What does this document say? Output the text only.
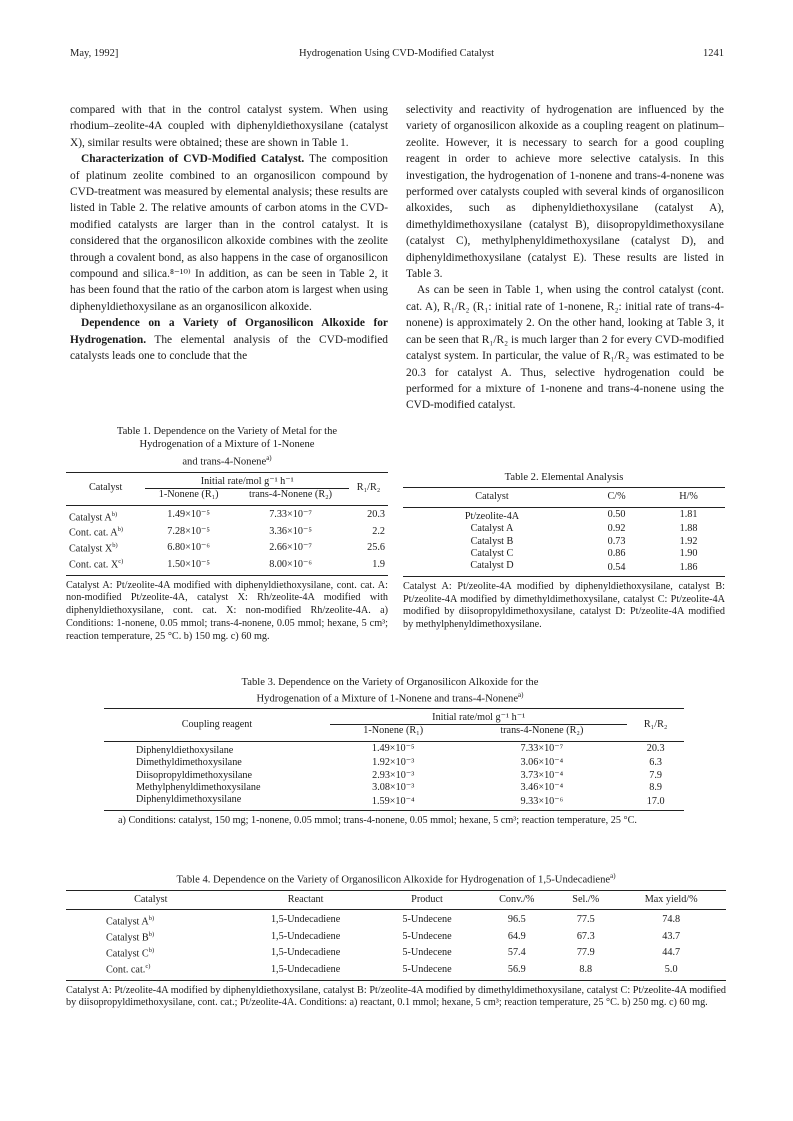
May, 1992]	Hydrogenation Using CVD-Modified Catalyst	1241

compared with that in the control catalyst system. When using rhodium–zeolite-4A coupled with diphenyldiethoxysilane (catalyst X), similar results were obtained; these are shown in Table 1.

Characterization of CVD-Modified Catalyst. The composition of platinum zeolite combined to an organosilicon compound by CVD-treatment was measured by elemental analysis; these results are listed in Table 2. The relative amounts of carbon atoms in the CVD-modified catalysts are larger than in the control catalyst. It is considered that the organosilicon alkoxide combines with the zeolite through a covalent bond, as also happens in the case of organosilicon compound and silica.⁸⁻¹⁰⁾ In addition, as can be seen in Table 2, it has been found that the ratio of the carbon atom is largest when using diphenyldiethoxysilane as an organosilicon alkoxide.

Dependence on a Variety of Organosilicon Alkoxide for Hydrogenation. The elemental analysis of the CVD-modified catalysts leads one to conclude that the

selectivity and reactivity of hydrogenation are influenced by the variety of organosilicon alkoxide as a coupling reagent on platinum–zeolite. However, it is necessary to search for a good coupling reagent in order to achieve more selective catalysis. In this investigation, the hydrogenation of 1-nonene and trans-4-nonene was performed over catalysts coupled with several kinds of organosilicon alkoxides, such as diphenyldiethoxysilane (catalyst A), dimethyldimethoxysilane (catalyst B), diisopropyldimethoxysilane (catalyst C), methylphenyldimethoxysilane (catalyst D), and diphenyldimethoxysilane (catalyst E). These results are listed in Table 3.

As can be seen in Table 1, when using the control catalyst (cont. cat. A), R₁/R₂ (R₁: initial rate of 1-nonene, R₂: initial rate of trans-4-nonene) is approximately 2. On the other hand, looking at Table 3, it can be seen that R₁/R₂ is much larger than 2 for every CVD-modified catalyst system. In particular, the value of R₁/R₂ was estimated to be 20.3 for catalyst A. Thus, selective hydrogenation could be performed for a mixture of 1-nonene and trans-4-nonene using the CVD-modified catalyst.

Table 1. Dependence on the Variety of Metal for the
Hydrogenation of a Mixture of 1-Nonene
and trans-4-Nonene$^{a)}$
Catalyst	Initial rate/mol g⁻¹ h⁻¹		R₁/R₂
	1-Nonene (R₁)	trans-4-Nonene (R₂)	
Catalyst $A^{b)}$	1.49×10⁻⁵	7.33×10⁻⁷	20.3
Cont. cat. $A^{b)}$	7.28×10⁻⁵	3.36×10⁻⁵	2.2
Catalyst $X^{b)}$	6.80×10⁻⁶	2.66×10⁻⁷	25.6
Cont. cat. $X^{c)}$	1.50×10⁻⁵	8.00×10⁻⁶	1.9

Catalyst A: Pt/zeolite-4A modified with diphenyldiethoxysilane, cont. cat. A: non-modified Pt/zeolite-4A, catalyst X: Rh/zeolite-4A modified with diphenyldiethoxysilane, cont. cat. X: non-modified Rh/zeolite-4A. a) Conditions: 1-nonene, 0.05 mmol; trans-4-nonene, 0.05 mmol; hexane, 5 cm³; reaction temperature, 25 °C. b) 150 mg. c) 60 mg.

Table 2. Elemental Analysis
Catalyst	C/%	H/%
Pt/zeolite-4A	0.50	1.81
Catalyst A	0.92	1.88
Catalyst B	0.73	1.92
Catalyst C	0.86	1.90
Catalyst D	0.54	1.86

Catalyst A: Pt/zeolite-4A modified by diphenyldiethoxysilane, catalyst B: Pt/zeolite-4A modified by dimethyldimethoxysilane, catalyst C: Pt/zeolite-4A modified by diisopropyldimethoxysilane, catalyst D: Pt/zeolite-4A modified by methylphenyldimethoxysilane.

Table 3. Dependence on the Variety of Organosilicon Alkoxide for the
Hydrogenation of a Mixture of 1-Nonene and trans-4-Nonene$^{a)}$
Coupling reagent	Initial rate/mol g⁻¹ h⁻¹		R₁/R₂
	1-Nonene (R₁)	trans-4-Nonene (R₂)	
Diphenyldiethoxysilane	1.49×10⁻⁵	7.33×10⁻⁷	20.3
Dimethyldimethoxysilane	1.92×10⁻³	3.06×10⁻⁴	6.3
Diisopropyldimethoxysilane	2.93×10⁻³	3.73×10⁻⁴	7.9
Methylphenyldimethoxysilane	3.08×10⁻³	3.46×10⁻⁴	8.9
Diphenyldimethoxysilane	1.59×10⁻⁴	9.33×10⁻⁶	17.0

a) Conditions: catalyst, 150 mg; 1-nonene, 0.05 mmol; trans-4-nonene, 0.05 mmol; hexane, 5 cm³; reaction temperature, 25 °C.

Table 4. Dependence on the Variety of Organosilicon Alkoxide for Hydrogenation of 1,5-Undecadiene$^{a)}$
Catalyst	Reactant	Product	Conv./%	Sel./%	Max yield/%
Catalyst $A^{b)}$	1,5-Undecadiene	5-Undecene	96.5	77.5	74.8
Catalyst $B^{b)}$	1,5-Undecadiene	5-Undecene	64.9	67.3	43.7
Catalyst $C^{b)}$	1,5-Undecadiene	5-Undecene	57.4	77.9	44.7
Cont. cat.$^{c)}$	1,5-Undecadiene	5-Undecene	56.9	8.8	5.0

Catalyst A: Pt/zeolite-4A modified by diphenyldiethoxysilane, catalyst B: Pt/zeolite-4A modified by dimethyldimethoxysilane, catalyst C: Pt/zeolite-4A modified by diisopropyldimethoxysilane, cont. cat.; Pt/zeolite-4A. Conditions: a) reactant, 0.1 mmol; hexane, 5 cm³; reaction temperature, 25 °C. b) 250 mg. c) 60 mg.
